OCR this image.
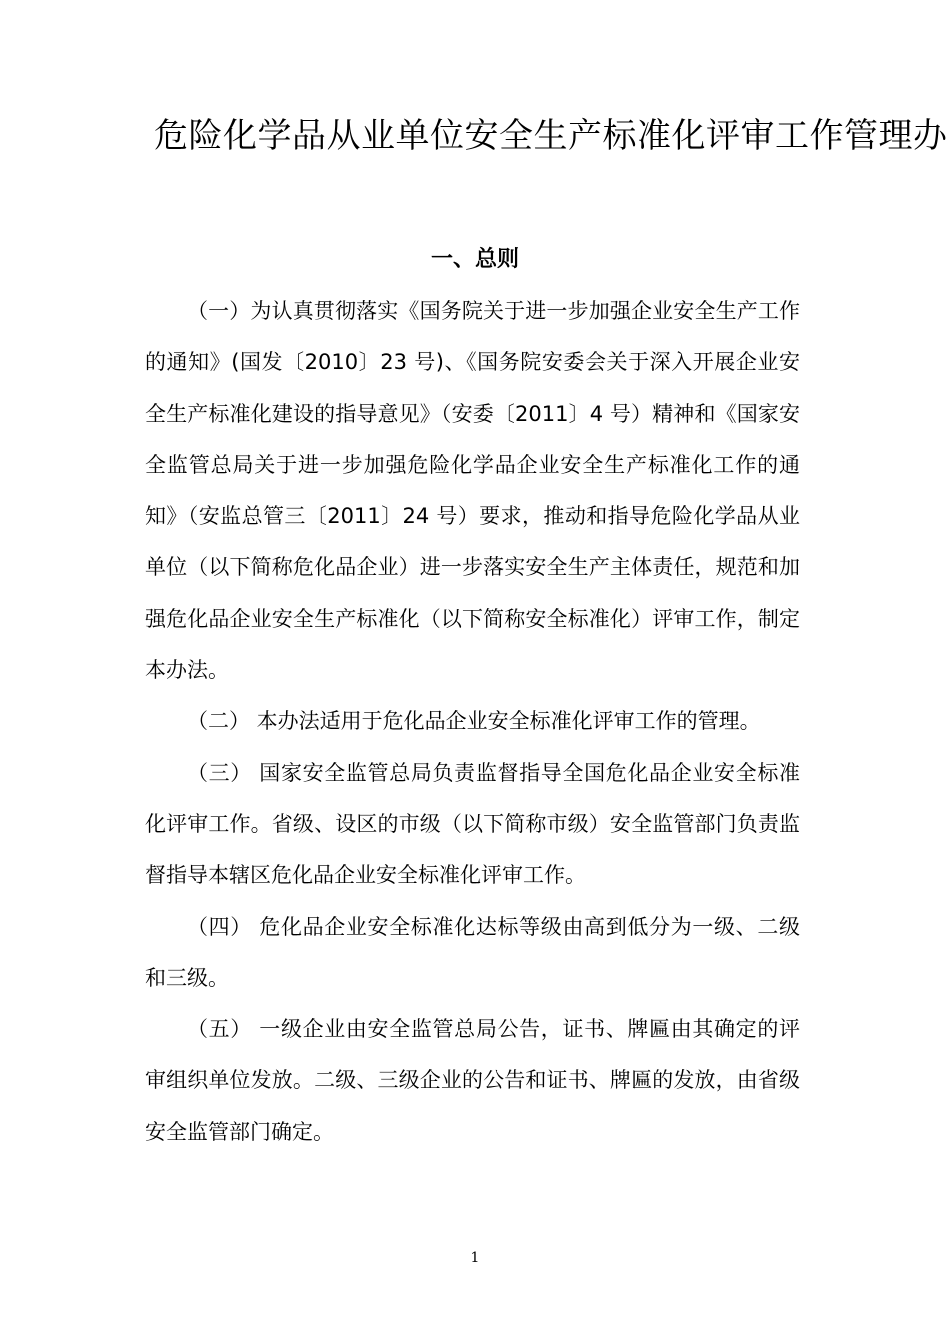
危险化学品从业单位安全生产标准化评审工作管理办
一、总则

（一）为认真贯彻落实《国务院关于进一步加强企业安全生产工作的通知》(国发〔2010〕23 号)、《国务院安委会关于深入开展企业安全生产标准化建设的指导意见》（安委〔2011〕4 号）精神和《国家安全监管总局关于进一步加强危险化学品企业安全生产标准化工作的通知》（安监总管三〔2011〕24 号）要求，推动和指导危险化学品从业单位（以下简称危化品企业）进一步落实安全生产主体责任，规范和加强危化品企业安全生产标准化（以下简称安全标准化）评审工作，制定本办法。

（二） 本办法适用于危化品企业安全标准化评审工作的管理。

（三） 国家安全监管总局负责监督指导全国危化品企业安全标准化评审工作。省级、设区的市级（以下简称市级）安全监管部门负责监督指导本辖区危化品企业安全标准化评审工作。

（四） 危化品企业安全标准化达标等级由高到低分为一级、二级和三级。

（五） 一级企业由安全监管总局公告，证书、牌匾由其确定的评审组织单位发放。二级、三级企业的公告和证书、牌匾的发放，由省级安全监管部门确定。

1
